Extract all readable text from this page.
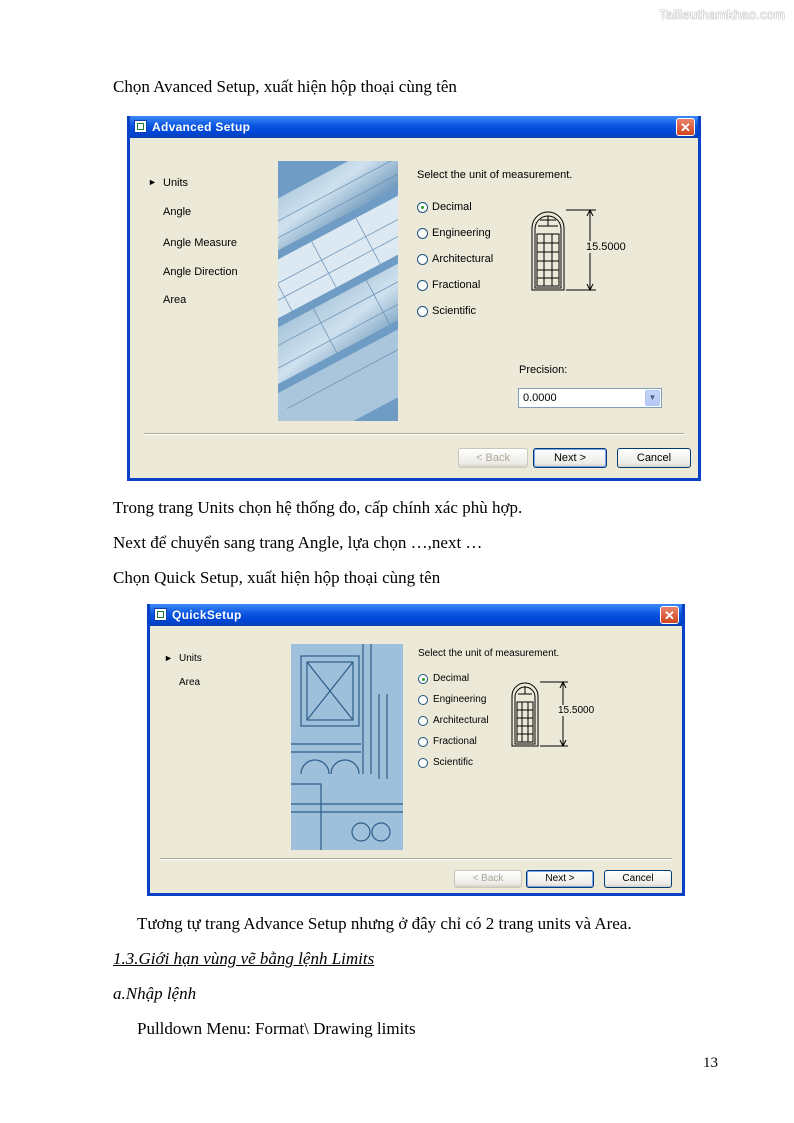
Tailieuthamkhao.com
Chọn Avanced Setup, xuất hiện hộp thoại cùng tên
Advanced Setup	✕
► Units
Angle
Angle Measure
Angle Direction
Area
Select the unit of measurement.
Decimal
Engineering
Architectural
Fractional
Scientific
15.5000
Precision:
0.0000	▼
< Back	Next >	Cancel
Trong trang Units chọn hệ thống đo, cấp chính xác phù hợp.
Next để chuyển sang trang Angle, lựa chọn …,next …
Chọn Quick Setup, xuất hiện hộp thoại cùng tên
QuickSetup	✕
► Units
Area
Select the unit of measurement.
Decimal
Engineering
Architectural
Fractional
Scientific
15.5000
< Back	Next >	Cancel
Tương tự trang Advance Setup nhưng ở đây chỉ có 2 trang units và Area.
1.3.Giới hạn vùng vẽ bằng lệnh Limits
a.Nhập lệnh
Pulldown Menu: Format\ Drawing limits
13
